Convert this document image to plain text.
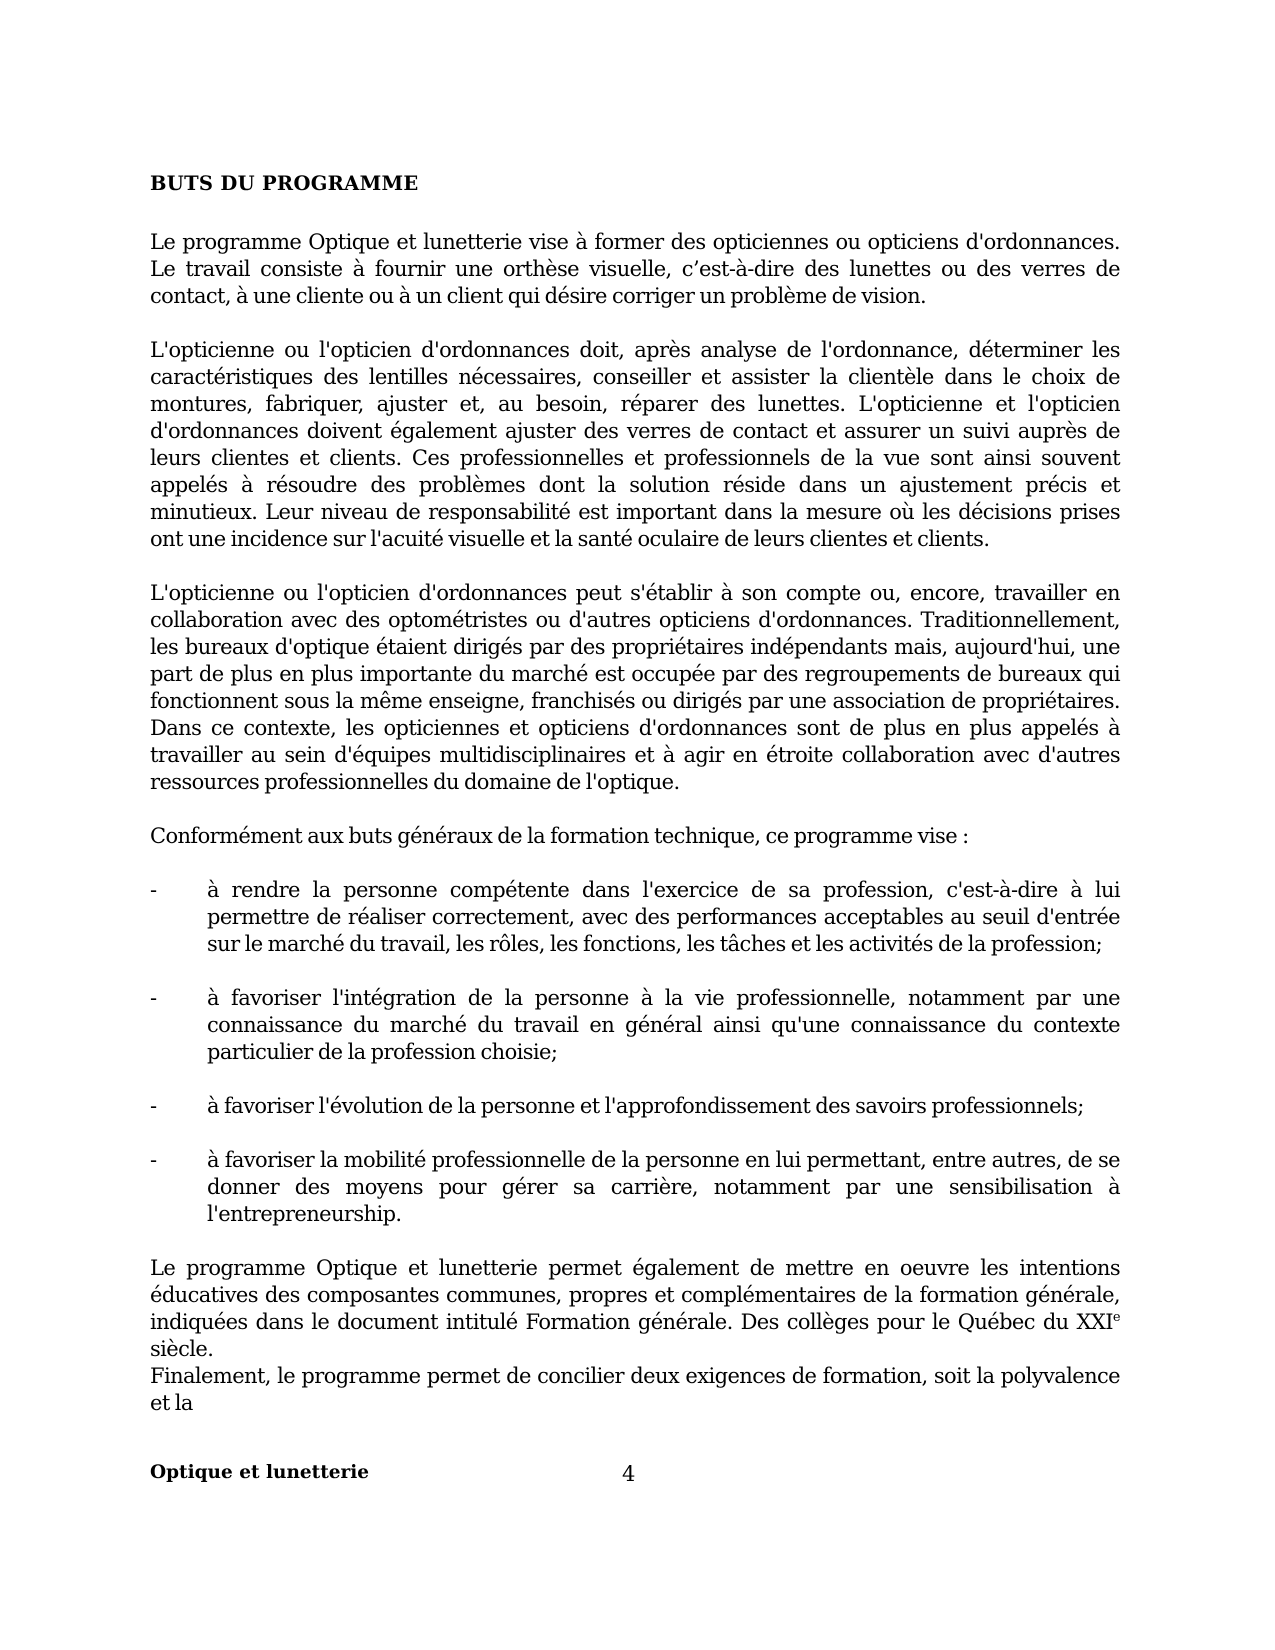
BUTS DU PROGRAMME

Le programme Optique et lunetterie vise à former des opticiennes ou opticiens d'ordonnances. Le travail consiste à fournir une orthèse visuelle, c’est-à-dire des lunettes ou des verres de contact, à une cliente ou à un client qui désire corriger un problème de vision.

L'opticienne ou l'opticien d'ordonnances doit, après analyse de l'ordonnance, déterminer les caractéristiques des lentilles nécessaires, conseiller et assister la clientèle dans le choix de montures, fabriquer, ajuster et, au besoin, réparer des lunettes. L'opticienne et l'opticien d'ordonnances doivent également ajuster des verres de contact et assurer un suivi auprès de leurs clientes et clients. Ces professionnelles et professionnels de la vue sont ainsi souvent appelés à résoudre des problèmes dont la solution réside dans un ajustement précis et minutieux. Leur niveau de responsabilité est important dans la mesure où les décisions prises ont une incidence sur l'acuité visuelle et la santé oculaire de leurs clientes et clients.

L'opticienne ou l'opticien d'ordonnances peut s'établir à son compte ou, encore, travailler en collaboration avec des optométristes ou d'autres opticiens d'ordonnances. Traditionnellement, les bureaux d'optique étaient dirigés par des propriétaires indépendants mais, aujourd'hui, une part de plus en plus importante du marché est occupée par des regroupements de bureaux qui fonctionnent sous la même enseigne, franchisés ou dirigés par une association de propriétaires. Dans ce contexte, les opticiennes et opticiens d'ordonnances sont de plus en plus appelés à travailler au sein d'équipes multidisciplinaires et à agir en étroite collaboration avec d'autres ressources professionnelles du domaine de l'optique.

Conformément aux buts généraux de la formation technique, ce programme vise :

- à rendre la personne compétente dans l'exercice de sa profession, c'est-à-dire à lui permettre de réaliser correctement, avec des performances acceptables au seuil d'entrée sur le marché du travail, les rôles, les fonctions, les tâches et les activités de la profession;
- à favoriser l'intégration de la personne à la vie professionnelle, notamment par une connaissance du marché du travail en général ainsi qu'une connaissance du contexte particulier de la profession choisie;
- à favoriser l'évolution de la personne et l'approfondissement des savoirs professionnels;
- à favoriser la mobilité professionnelle de la personne en lui permettant, entre autres, de se donner des moyens pour gérer sa carrière, notamment par une sensibilisation à l'entrepreneurship.

Le programme Optique et lunetterie permet également de mettre en oeuvre les intentions éducatives des composantes communes, propres et complémentaires de la formation générale, indiquées dans le document intitulé Formation générale. Des collèges pour le Québec du XXIe siècle.

Finalement, le programme permet de concilier deux exigences de formation, soit la polyvalence et la

Optique et lunetterie	4
